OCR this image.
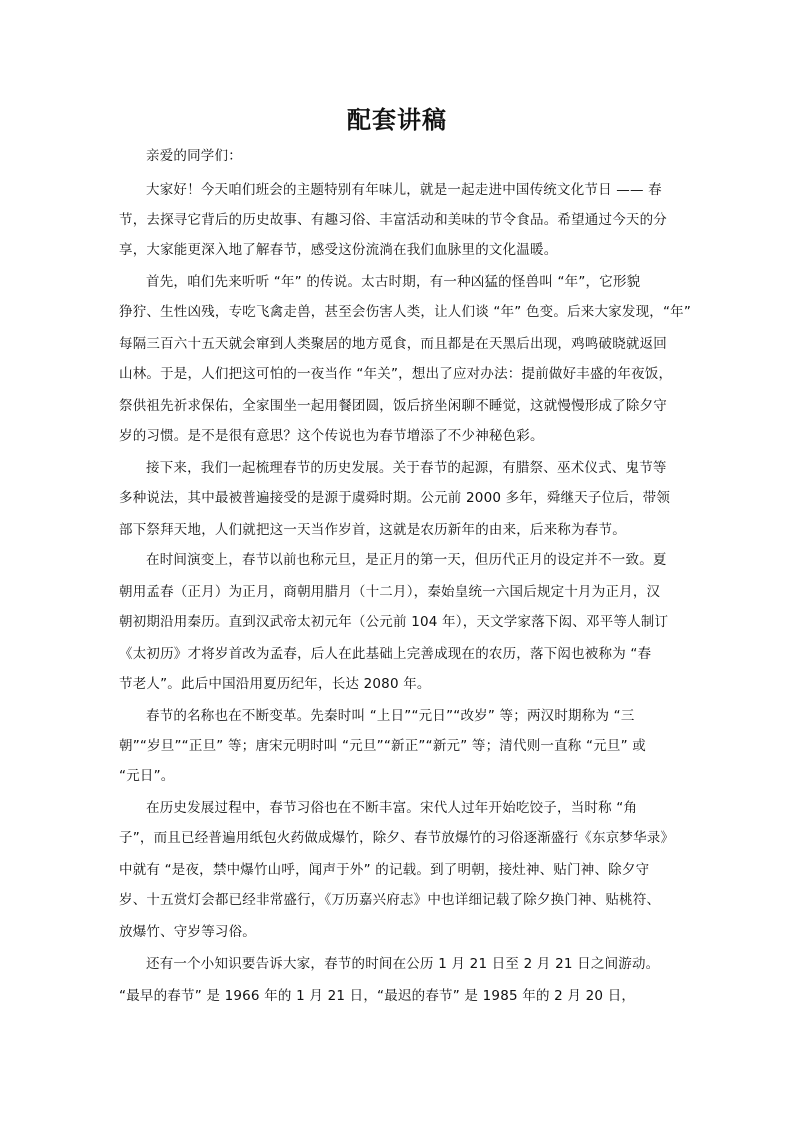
配套讲稿
亲爱的同学们：
大家好！今天咱们班会的主题特别有年味儿，就是一起走进中国传统文化节日 —— 春
节，去探寻它背后的历史故事、有趣习俗、丰富活动和美味的节令食品。希望通过今天的分
享，大家能更深入地了解春节，感受这份流淌在我们血脉里的文化温暖。
首先，咱们先来听听 “年” 的传说。太古时期，有一种凶猛的怪兽叫 “年”，它形貌
狰狞、生性凶残，专吃飞禽走兽，甚至会伤害人类，让人们谈 “年” 色变。后来大家发现，“年”
每隔三百六十五天就会窜到人类聚居的地方觅食，而且都是在天黑后出现，鸡鸣破晓就返回
山林。于是，人们把这可怕的一夜当作 “年关”，想出了应对办法：提前做好丰盛的年夜饭，
祭供祖先祈求保佑，全家围坐一起用餐团圆，饭后挤坐闲聊不睡觉，这就慢慢形成了除夕守
岁的习惯。是不是很有意思？这个传说也为春节增添了不少神秘色彩。
接下来，我们一起梳理春节的历史发展。关于春节的起源，有腊祭、巫术仪式、鬼节等
多种说法，其中最被普遍接受的是源于虞舜时期。公元前 2000 多年，舜继天子位后，带领
部下祭拜天地，人们就把这一天当作岁首，这就是农历新年的由来，后来称为春节。
在时间演变上，春节以前也称元旦，是正月的第一天，但历代正月的设定并不一致。夏
朝用孟春（正月）为正月，商朝用腊月（十二月），秦始皇统一六国后规定十月为正月，汉
朝初期沿用秦历。直到汉武帝太初元年（公元前 104 年），天文学家落下闳、邓平等人制订
《太初历》才将岁首改为孟春，后人在此基础上完善成现在的农历，落下闳也被称为 “春
节老人”。此后中国沿用夏历纪年，长达 2080 年。
春节的名称也在不断变革。先秦时叫 “上日”“元日”“改岁” 等；两汉时期称为 “三
朝”“岁旦”“正旦” 等；唐宋元明时叫 “元旦”“新正”“新元” 等；清代则一直称 “元旦” 或
“元日”。
在历史发展过程中，春节习俗也在不断丰富。宋代人过年开始吃饺子，当时称 “角
子”，而且已经普遍用纸包火药做成爆竹，除夕、春节放爆竹的习俗逐渐盛行《东京梦华录》
中就有 “是夜，禁中爆竹山呼，闻声于外” 的记载。到了明朝，接灶神、贴门神、除夕守
岁、十五赏灯会都已经非常盛行，《万历嘉兴府志》中也详细记载了除夕换门神、贴桃符、
放爆竹、守岁等习俗。
还有一个小知识要告诉大家，春节的时间在公历 1 月 21 日至 2 月 21 日之间游动。
“最早的春节” 是 1966 年的 1 月 21 日，“最迟的春节” 是 1985 年的 2 月 20 日，
